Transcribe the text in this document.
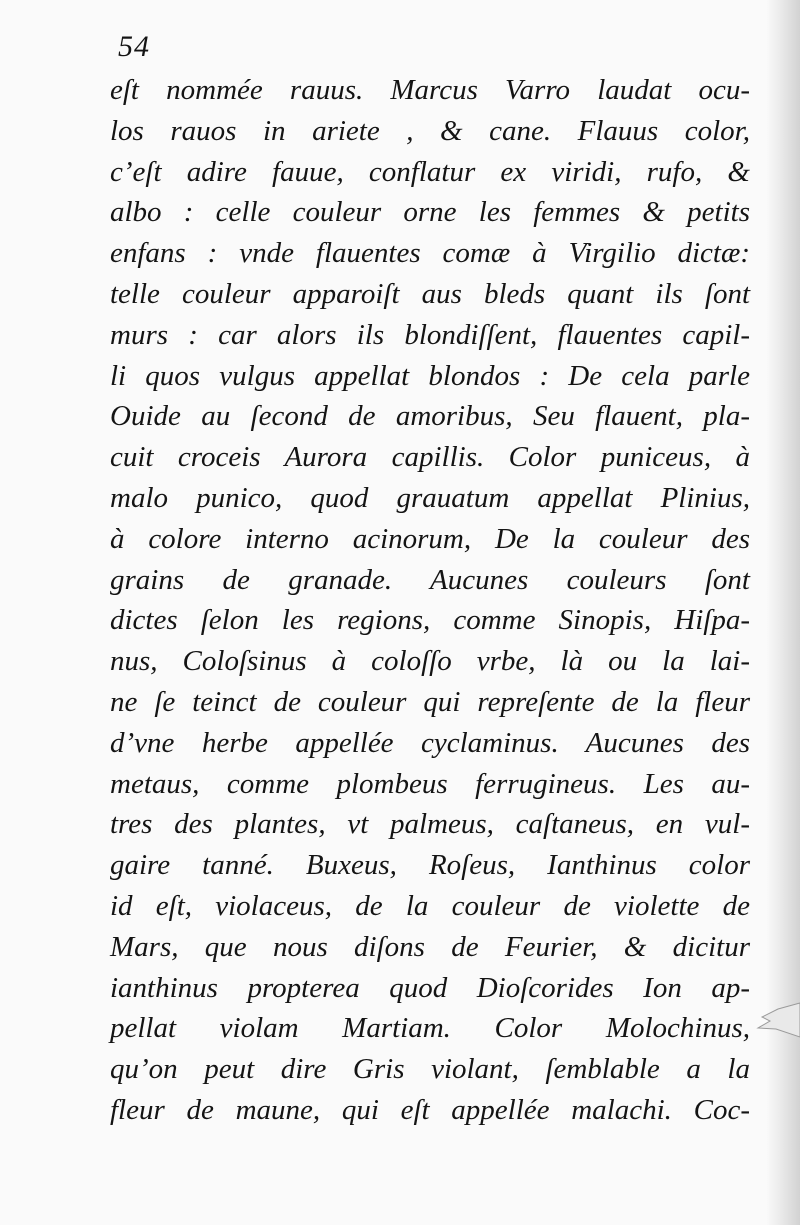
54
eſt nommée rauus. Marcus Varro laudat ocu-
los rauos in ariete , & cane. Flauus color,
c’eſt adire fauue, conflatur ex viridi, rufo, &
albo : celle couleur orne les femmes & petits
enfans : vnde flauentes comæ à Virgilio dictæ:
telle couleur apparoiſt aus bleds quant ils ſont
murs : car alors ils blondiſſent, flauentes capil-
li quos vulgus appellat blondos : De cela parle
Ouide au ſecond de amoribus, Seu flauent, pla-
cuit croceis Aurora capillis. Color puniceus, à
malo punico, quod grauatum appellat Plinius,
à colore interno acinorum, De la couleur des
grains de granade. Aucunes couleurs ſont
dictes ſelon les regions, comme Sinopis, Hiſpa-
nus, Coloſsinus à coloſſo vrbe, là ou la lai-
ne ſe teinct de couleur qui repreſente de la fleur
d’vne herbe appellée cyclaminus. Aucunes des
metaus, comme plombeus ferrugineus. Les au-
tres des plantes, vt palmeus, caſtaneus, en vul-
gaire tanné. Buxeus, Roſeus, Ianthinus color
id eſt, violaceus, de la couleur de violette de
Mars, que nous diſons de Feurier, & dicitur
ianthinus propterea quod Dioſcorides Ion ap-
pellat violam Martiam. Color Molochinus,
qu’on peut dire Gris violant, ſemblable a la
fleur de maune, qui eſt appellée malachi. Coc-
